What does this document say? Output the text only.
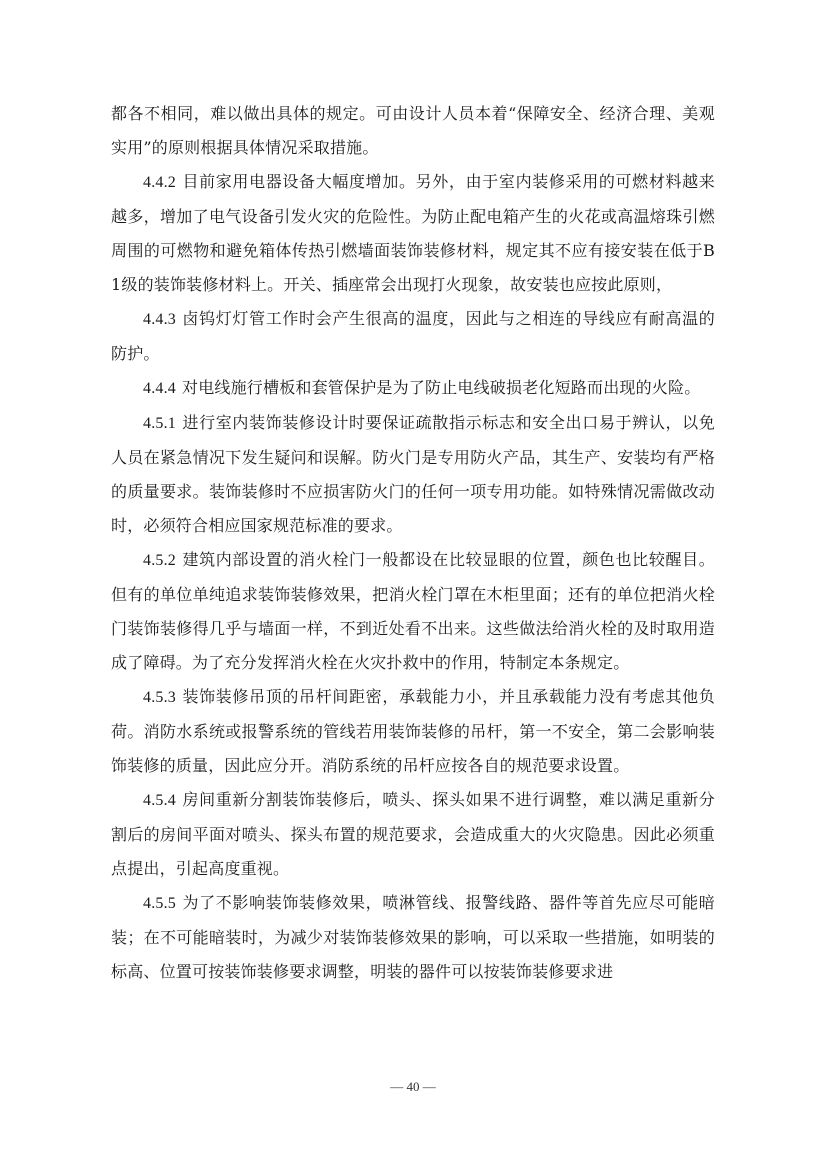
都各不相同，难以做出具体的规定。可由设计人员本着“保障安全、经济合理、美观实用”的原则根据具体情况采取措施。

4.4.2 目前家用电器设备大幅度增加。另外，由于室内装修采用的可燃材料越来越多，增加了电气设备引发火灾的危险性。为防止配电箱产生的火花或高温熔珠引燃周围的可燃物和避免箱体传热引燃墙面装饰装修材料，规定其不应有接安装在低于B1级的装饰装修材料上。开关、插座常会出现打火现象，故安装也应按此原则，

4.4.3 卤钨灯灯管工作时会产生很高的温度，因此与之相连的导线应有耐高温的防护。

4.4.4 对电线施行槽板和套管保护是为了防止电线破损老化短路而出现的火险。

4.5.1 进行室内装饰装修设计时要保证疏散指示标志和安全出口易于辨认，以免人员在紧急情况下发生疑问和误解。防火门是专用防火产品，其生产、安装均有严格的质量要求。装饰装修时不应损害防火门的任何一项专用功能。如特殊情况需做改动时，必须符合相应国家规范标准的要求。

4.5.2 建筑内部设置的消火栓门一般都设在比较显眼的位置，颜色也比较醒目。但有的单位单纯追求装饰装修效果，把消火栓门罩在木柜里面；还有的单位把消火栓门装饰装修得几乎与墙面一样，不到近处看不出来。这些做法给消火栓的及时取用造成了障碍。为了充分发挥消火栓在火灾扑救中的作用，特制定本条规定。

4.5.3 装饰装修吊顶的吊杆间距密，承载能力小，并且承载能力没有考虑其他负荷。消防水系统或报警系统的管线若用装饰装修的吊杆，第一不安全，第二会影响装饰装修的质量，因此应分开。消防系统的吊杆应按各自的规范要求设置。

4.5.4 房间重新分割装饰装修后，喷头、探头如果不进行调整，难以满足重新分割后的房间平面对喷头、探头布置的规范要求，会造成重大的火灾隐患。因此必须重点提出，引起高度重视。

4.5.5 为了不影响装饰装修效果，喷淋管线、报警线路、器件等首先应尽可能暗装；在不可能暗装时，为减少对装饰装修效果的影响，可以采取一些措施，如明装的标高、位置可按装饰装修要求调整，明装的器件可以按装饰装修要求进

— 40 —
